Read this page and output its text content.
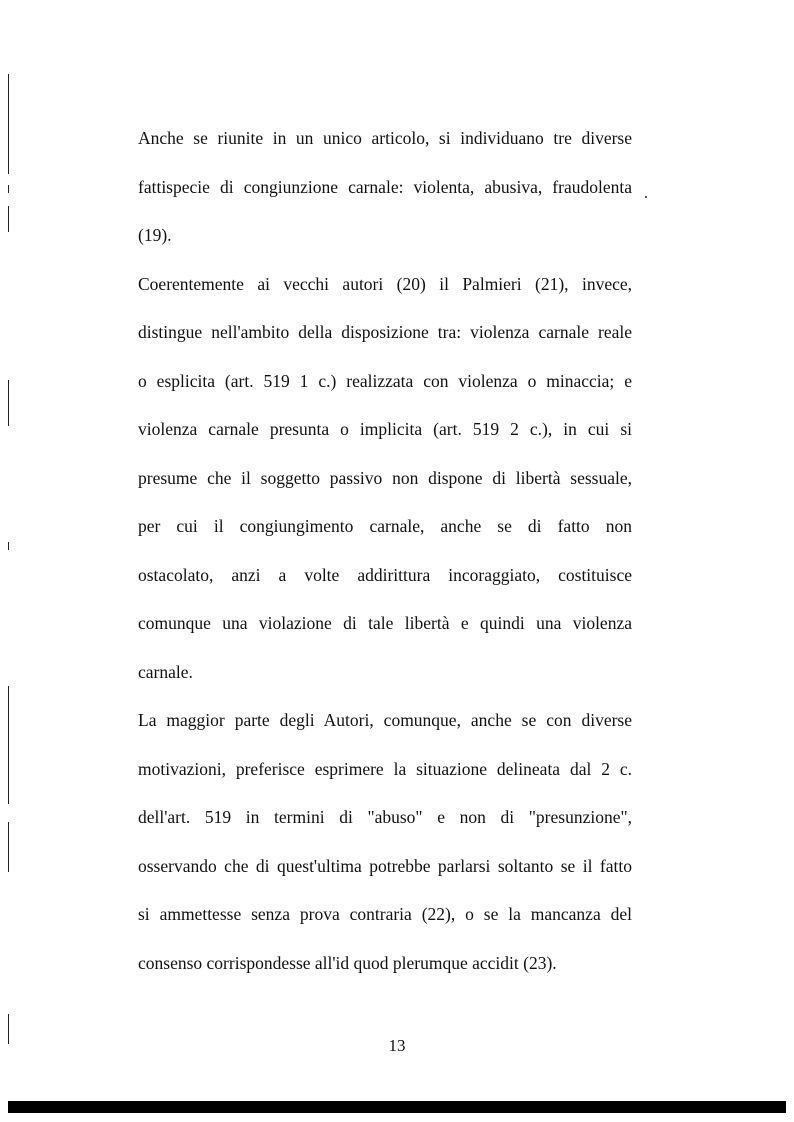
Anche se riunite in un unico articolo, si individuano tre diverse
fattispecie di congiunzione carnale: violenta, abusiva, fraudolenta
(19).
Coerentemente ai vecchi autori (20) il Palmieri (21), invece,
distingue nell'ambito della disposizione tra: violenza carnale reale
o esplicita (art. 519 1 c.) realizzata con violenza o minaccia; e
violenza carnale presunta o implicita (art. 519 2 c.), in cui si
presume che il soggetto passivo non dispone di libertà sessuale,
per cui il congiungimento carnale, anche se di fatto non
ostacolato, anzi a volte addirittura incoraggiato, costituisce
comunque una violazione di tale libertà e quindi una violenza
carnale.
La maggior parte degli Autori, comunque, anche se con diverse
motivazioni, preferisce esprimere la situazione delineata dal 2 c.
dell'art. 519 in termini di "abuso" e non di "presunzione",
osservando che di quest'ultima potrebbe parlarsi soltanto se il fatto
si ammettesse senza prova contraria (22), o se la mancanza del
consenso corrispondesse all'id quod plerumque accidit (23).
13
